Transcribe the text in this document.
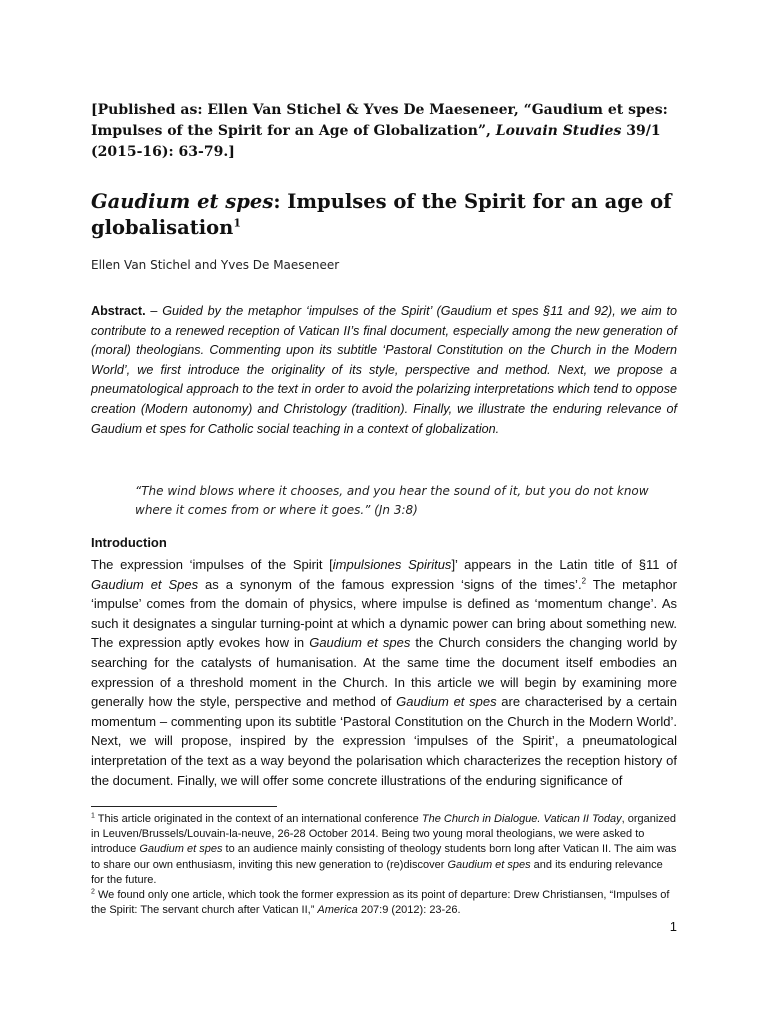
[Published as: Ellen Van Stichel & Yves De Maeseneer, “Gaudium et spes: Impulses of the Spirit for an Age of Globalization”, Louvain Studies 39/1 (2015-16): 63-79.]
Gaudium et spes: Impulses of the Spirit for an age of globalisation$^1$
Ellen Van Stichel and Yves De Maeseneer

Abstract. – Guided by the metaphor ‘impulses of the Spirit’ (Gaudium et spes §11 and 92), we aim to contribute to a renewed reception of Vatican II’s final document, especially among the new generation of (moral) theologians. Commenting upon its subtitle ‘Pastoral Constitution on the Church in the Modern World’, we first introduce the originality of its style, perspective and method. Next, we propose a pneumatological approach to the text in order to avoid the polarizing interpretations which tend to oppose creation (Modern autonomy) and Christology (tradition). Finally, we illustrate the enduring relevance of Gaudium et spes for Catholic social teaching in a context of globalization.

“The wind blows where it chooses, and you hear the sound of it, but you do not know where it comes from or where it goes.” (Jn 3:8)

Introduction

The expression ‘impulses of the Spirit [impulsiones Spiritus]’ appears in the Latin title of §11 of Gaudium et Spes as a synonym of the famous expression ‘signs of the times’.$^2$ The metaphor ‘impulse’ comes from the domain of physics, where impulse is defined as ‘momentum change’. As such it designates a singular turning-point at which a dynamic power can bring about something new. The expression aptly evokes how in Gaudium et spes the Church considers the changing world by searching for the catalysts of humanisation. At the same time the document itself embodies an expression of a threshold moment in the Church. In this article we will begin by examining more generally how the style, perspective and method of Gaudium et spes are characterised by a certain momentum – commenting upon its subtitle ‘Pastoral Constitution on the Church in the Modern World’. Next, we will propose, inspired by the expression ‘impulses of the Spirit’, a pneumatological interpretation of the text as a way beyond the polarisation which characterizes the reception history of the document. Finally, we will offer some concrete illustrations of the enduring significance of

$^1$ This article originated in the context of an international conference The Church in Dialogue. Vatican II Today, organized in Leuven/Brussels/Louvain-la-neuve, 26-28 October 2014. Being two young moral theologians, we were asked to introduce Gaudium et spes to an audience mainly consisting of theology students born long after Vatican II. The aim was to share our own enthusiasm, inviting this new generation to (re)discover Gaudium et spes and its enduring relevance for the future.

$^2$ We found only one article, which took the former expression as its point of departure: Drew Christiansen, “Impulses of the Spirit: The servant church after Vatican II,” America 207:9 (2012): 23-26.

1
